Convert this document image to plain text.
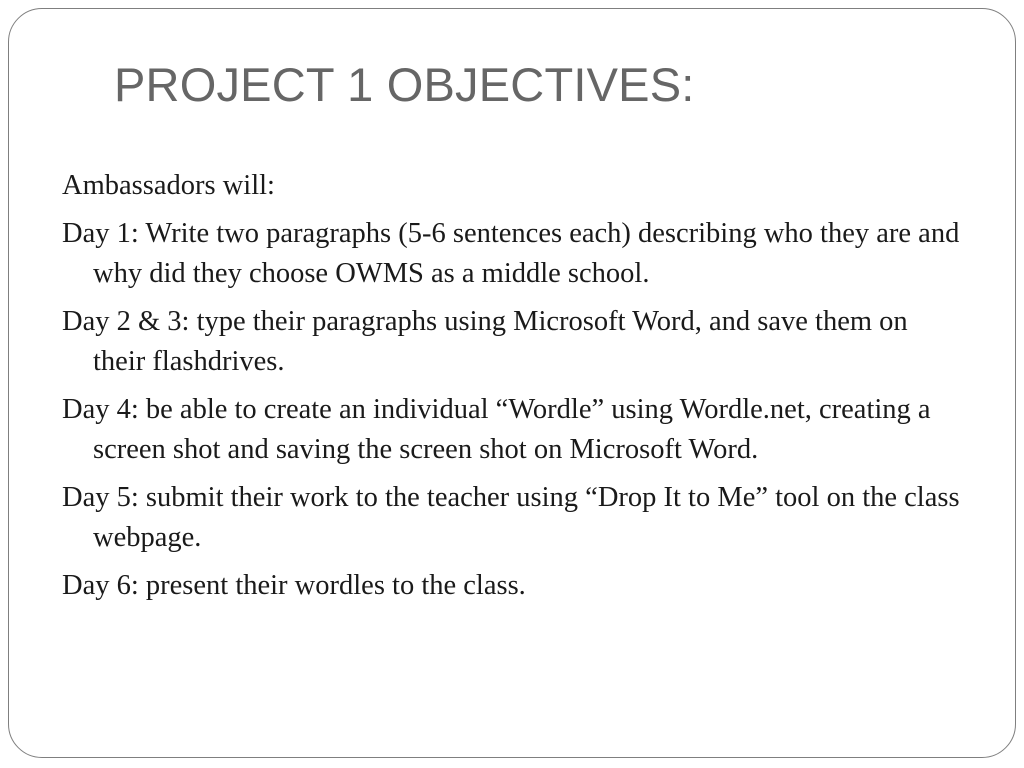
PROJECT 1 OBJECTIVES:
Ambassadors will:
Day 1: Write two paragraphs (5-6 sentences each) describing who they are and why did they choose OWMS as a middle school.
Day 2 & 3: type their paragraphs using Microsoft Word, and save them on their flashdrives.
Day 4: be able to create an individual “Wordle” using Wordle.net, creating a screen shot and saving the screen shot on Microsoft Word.
Day 5: submit their work to the teacher using “Drop It to Me” tool on the class webpage.
Day 6: present their wordles to the class.
